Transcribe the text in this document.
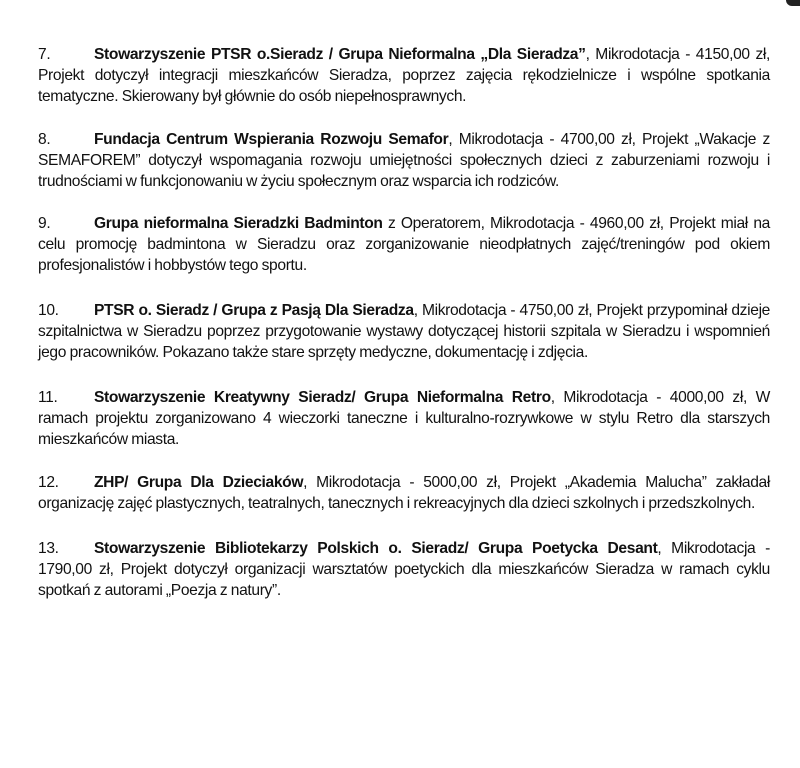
7.	Stowarzyszenie PTSR o.Sieradz / Grupa Nieformalna „Dla Sieradza”, Mikrodotacja - 4150,00 zł, Projekt dotyczył integracji mieszkańców Sieradza, poprzez zajęcia rękodzielnicze i wspólne spotkania tematyczne. Skierowany był głównie do osób niepełnosprawnych.

8.	Fundacja Centrum Wspierania Rozwoju Semafor, Mikrodotacja - 4700,00 zł, Projekt „Wakacje z SEMAFOREM” dotyczył wspomagania rozwoju umiejętności społecznych dzieci z zaburzeniami rozwoju i trudnościami w funkcjonowaniu w życiu społecznym oraz wsparcia ich rodziców.

9.	Grupa nieformalna Sieradzki Badminton z Operatorem, Mikrodotacja - 4960,00 zł, Projekt miał na celu promocję badmintona w Sieradzu oraz zorganizowanie nieodpłatnych zajęć/treningów pod okiem profesjonalistów i hobbystów tego sportu.

10. PTSR o. Sieradz / Grupa z Pasją Dla Sieradza, Mikrodotacja - 4750,00 zł, Projekt przypominał dzieje szpitalnictwa w Sieradzu poprzez przygotowanie wystawy dotyczącej historii szpitala w Sieradzu i wspomnień jego pracowników. Pokazano także stare sprzęty medyczne, dokumentację i zdjęcia.

11. Stowarzyszenie Kreatywny Sieradz/ Grupa Nieformalna Retro, Mikrodotacja - 4000,00 zł, W ramach projektu zorganizowano 4 wieczorki taneczne i kulturalno-rozrywkowe w stylu Retro dla starszych mieszkańców miasta.

12. ZHP/ Grupa Dla Dzieciaków, Mikrodotacja - 5000,00 zł, Projekt „Akademia Malucha” zakładał organizację zajęć plastycznych, teatralnych, tanecznych i rekreacyjnych dla dzieci szkolnych i przedszkolnych.

13. Stowarzyszenie Bibliotekarzy Polskich o. Sieradz/ Grupa Poetycka Desant, Mikrodotacja - 1790,00 zł, Projekt dotyczył organizacji warsztatów poetyckich dla mieszkańców Sieradza w ramach cyklu spotkań z autorami „Poezja z natury”.
